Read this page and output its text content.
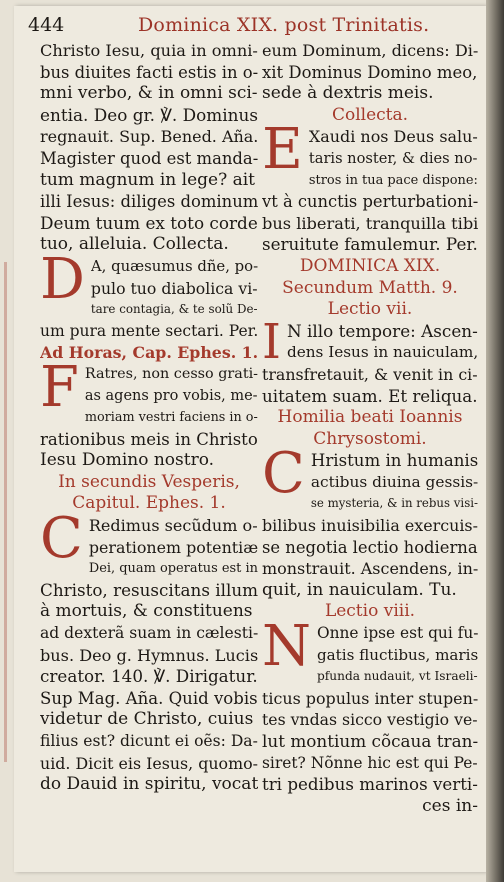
444	Dominica XIX. post Trinitatis.
Christo Iesu, quia in omni-
bus diuites facti estis in o-
mni verbo, & in omni sci-
entia. Deo gr. ℣. Dominus
regnauit. Sup. Bened. Aña.
Magister quod est manda-
tum magnum in lege? ait
illi Iesus: diliges dominum
Deum tuum ex toto corde
tuo, alleluia. Collecta.
D A, quæsumus dñe, po-
pulo tuo diabolica vi-
tare contagia, & te solũ De-
um pura mente sectari. Per.
Ad Horas, Cap. Ephes. 1.
F Ratres, non cesso grati-
as agens pro vobis, me-
moriam vestri faciens in o-
rationibus meis in Christo
Iesu Domino nostro.
In secundis Vesperis,
Capitul. Ephes. 1.
C Redimus secũdum o-
perationem potentiæ
Dei, quam operatus est in
Christo, resuscitans illum
à mortuis, & constituens
ad dexterã suam in cælesti-
bus. Deo g. Hymnus. Lucis
creator. 140. ℣. Dirigatur.
Sup Mag. Aña. Quid vobis
videtur de Christo, cuius
filius est? dicunt ei oẽs: Da-
uid. Dicit eis Iesus, quomo-
do Dauid in spiritu, vocat
eum Dominum, dicens: Di-
xit Dominus Domino meo,
sede à dextris meis.
Collecta.
E Xaudi nos Deus salu-
taris noster, & dies no-
stros in tua pace dispone:
vt à cunctis perturbationi-
bus liberati, tranquilla tibi
seruitute famulemur. Per.
DOMINICA XIX.
Secundum Matth. 9.
Lectio vii.
I N illo tempore: Ascen-
dens Iesus in nauiculam,
transfretauit, & venit in ci-
uitatem suam. Et reliqua.
Homilia beati Ioannis
Chrysostomi.
C Hristum in humanis
actibus diuina gessis-
se mysteria, & in rebus visi-
bilibus inuisibilia exercuis-
se negotia lectio hodierna
monstrauit. Ascendens, in-
quit, in nauiculam. Tu.
Lectio viii.
N Onne ipse est qui fu-
gatis fluctibus, maris
pfunda nudauit, vt Israeli-
ticus populus inter stupen-
tes vndas sicco vestigio ve-
lut montium cõcaua tran-
siret? Nõnne hic est qui Pe-
tri pedibus marinos verti-
ces in-
